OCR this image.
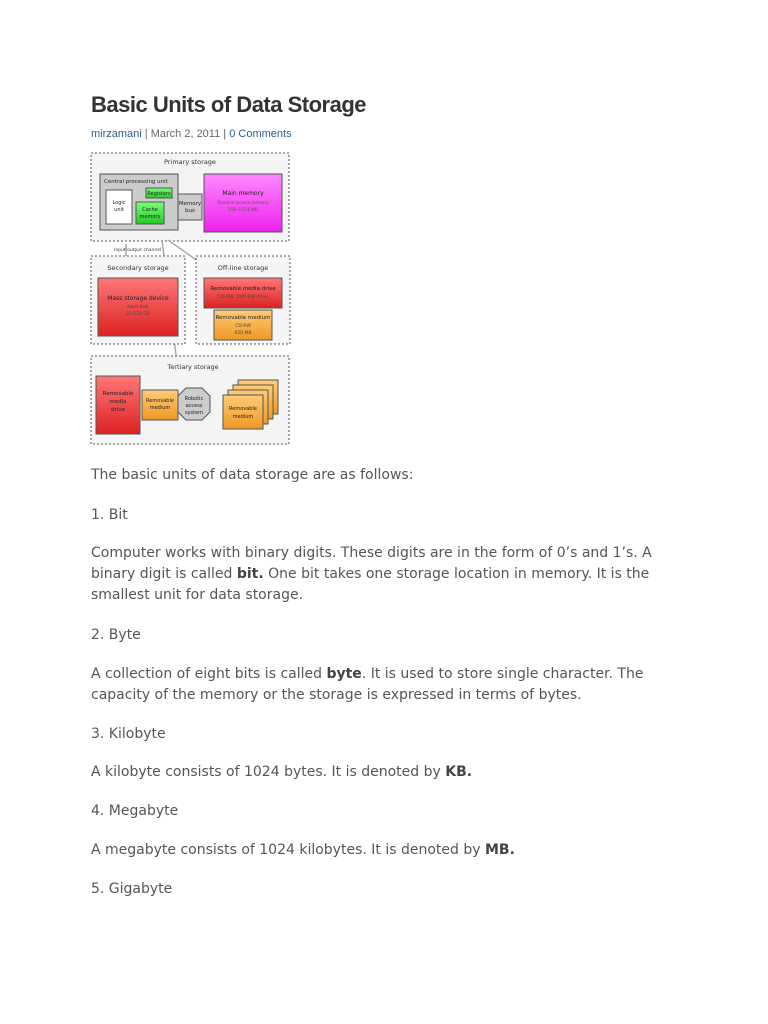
Basic Units of Data Storage
mirzamani | March 2, 2011 | 0 Comments
Primary storage
Central processing unit
Logic
unit
Registers
Cache
memory
Memory
bus
Main memory
Random access memory
256-1024 MB
Input/output channel
Secondary storage
Mass storage device
Hard disk
20-120 GB
Off-line storage
Removable media drive
CD-RW, DVD-RW drive
Removable medium
CD-RW
650 MB
Tertiary storage
Removable
media
drive
Removable
medium
Robotic
access
system
Removable
medium

The basic units of data storage are as follows:

1. Bit

Computer works with binary digits. These digits are in the form of 0’s and 1’s. A
binary digit is called bit. One bit takes one storage location in memory. It is the
smallest unit for data storage.

2. Byte

A collection of eight bits is called byte. It is used to store single character. The
capacity of the memory or the storage is expressed in terms of bytes.

3. Kilobyte

A kilobyte consists of 1024 bytes. It is denoted by KB.

4. Megabyte

A megabyte consists of 1024 kilobytes. It is denoted by MB.

5. Gigabyte
